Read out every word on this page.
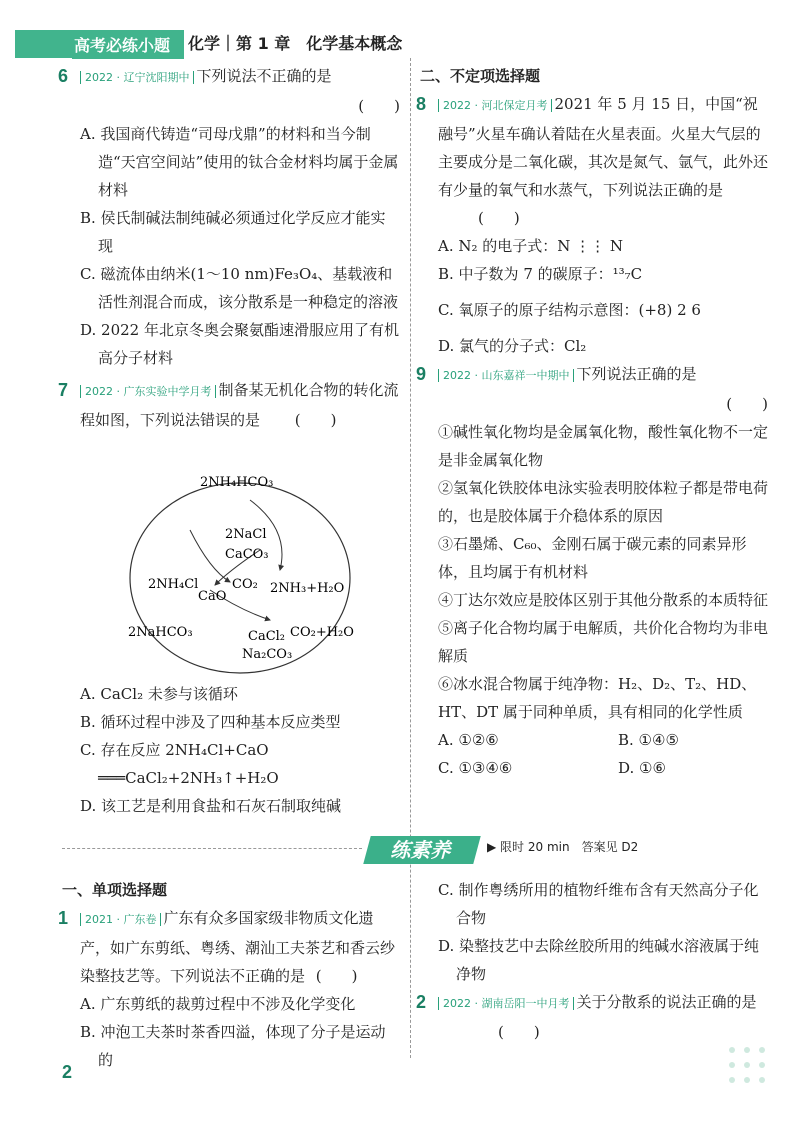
高考必练小题	化学｜第 1 章　化学基本概念
6 2022 · 辽宁沈阳期中 下列说法不正确的是
(　　)
A. 我国商代铸造“司母戊鼎”的材料和当今制造“天宫空间站”使用的钛合金材料均属于金属材料
B. 侯氏制碱法制纯碱必须通过化学反应才能实现
C. 磁流体由纳米(1～10 nm)Fe₃O₄、基载液和活性剂混合而成，该分散系是一种稳定的溶液
D. 2022 年北京冬奥会聚氨酯速滑服应用了有机高分子材料
7 2022 · 广东实验中学月考 制备某无机化合物的转化流程如图，下列说法错误的是 (　　)
2NH₄HCO₃
2NaCl
CaCO₃
2NH₄Cl	CO₂ 2NH₃+H₂O
CaO
2NaHCO₃	CaCl₂ CO₂+H₂O
Na₂CO₃
A. CaCl₂ 未参与该循环
B. 循环过程中涉及了四种基本反应类型
C. 存在反应 2NH₄Cl+CaO ═══CaCl₂+2NH₃↑+H₂O
D. 该工艺是利用食盐和石灰石制取纯碱
二、不定项选择题
8 2022 · 河北保定月考 2021 年 5 月 15 日，中国“祝融号”火星车确认着陆在火星表面。火星大气层的主要成分是二氧化碳，其次是氮气、氩气，此外还有少量的氧气和水蒸气，下列说法正确的是 (　　)
A. N₂ 的电子式：N ⋮⋮ N
B. 中子数为 7 的碳原子：¹³₇C
C. 氧原子的原子结构示意图：(+8) 2 6
D. 氯气的分子式：Cl₂
9 2022 · 山东嘉祥一中期中 下列说法正确的是
(　　)
①碱性氧化物均是金属氧化物，酸性氧化物不一定是非金属氧化物
②氢氧化铁胶体电泳实验表明胶体粒子都是带电荷的，也是胶体属于介稳体系的原因
③石墨烯、C₆₀、金刚石属于碳元素的同素异形体，且均属于有机材料
④丁达尔效应是胶体区别于其他分散系的本质特征
⑤离子化合物均属于电解质，共价化合物均为非电解质
⑥冰水混合物属于纯净物：H₂、D₂、T₂、HD、HT、DT 属于同种单质，具有相同的化学性质
A. ①②⑥	B. ①④⑤
C. ①③④⑥	D. ①⑥
练素养	▶ 限时 20 min　答案见 D2
一、单项选择题
1 2021 · 广东卷 广东有众多国家级非物质文化遗产，如广东剪纸、粤绣、潮汕工夫茶艺和香云纱染整技艺等。下列说法不正确的是 (　　)
A. 广东剪纸的裁剪过程中不涉及化学变化
B. 冲泡工夫茶时茶香四溢，体现了分子是运动的
C. 制作粤绣所用的植物纤维布含有天然高分子化合物
D. 染整技艺中去除丝胶所用的纯碱水溶液属于纯净物
2 2022 · 湖南岳阳一中月考 关于分散系的说法正确的是 (　　)
2
